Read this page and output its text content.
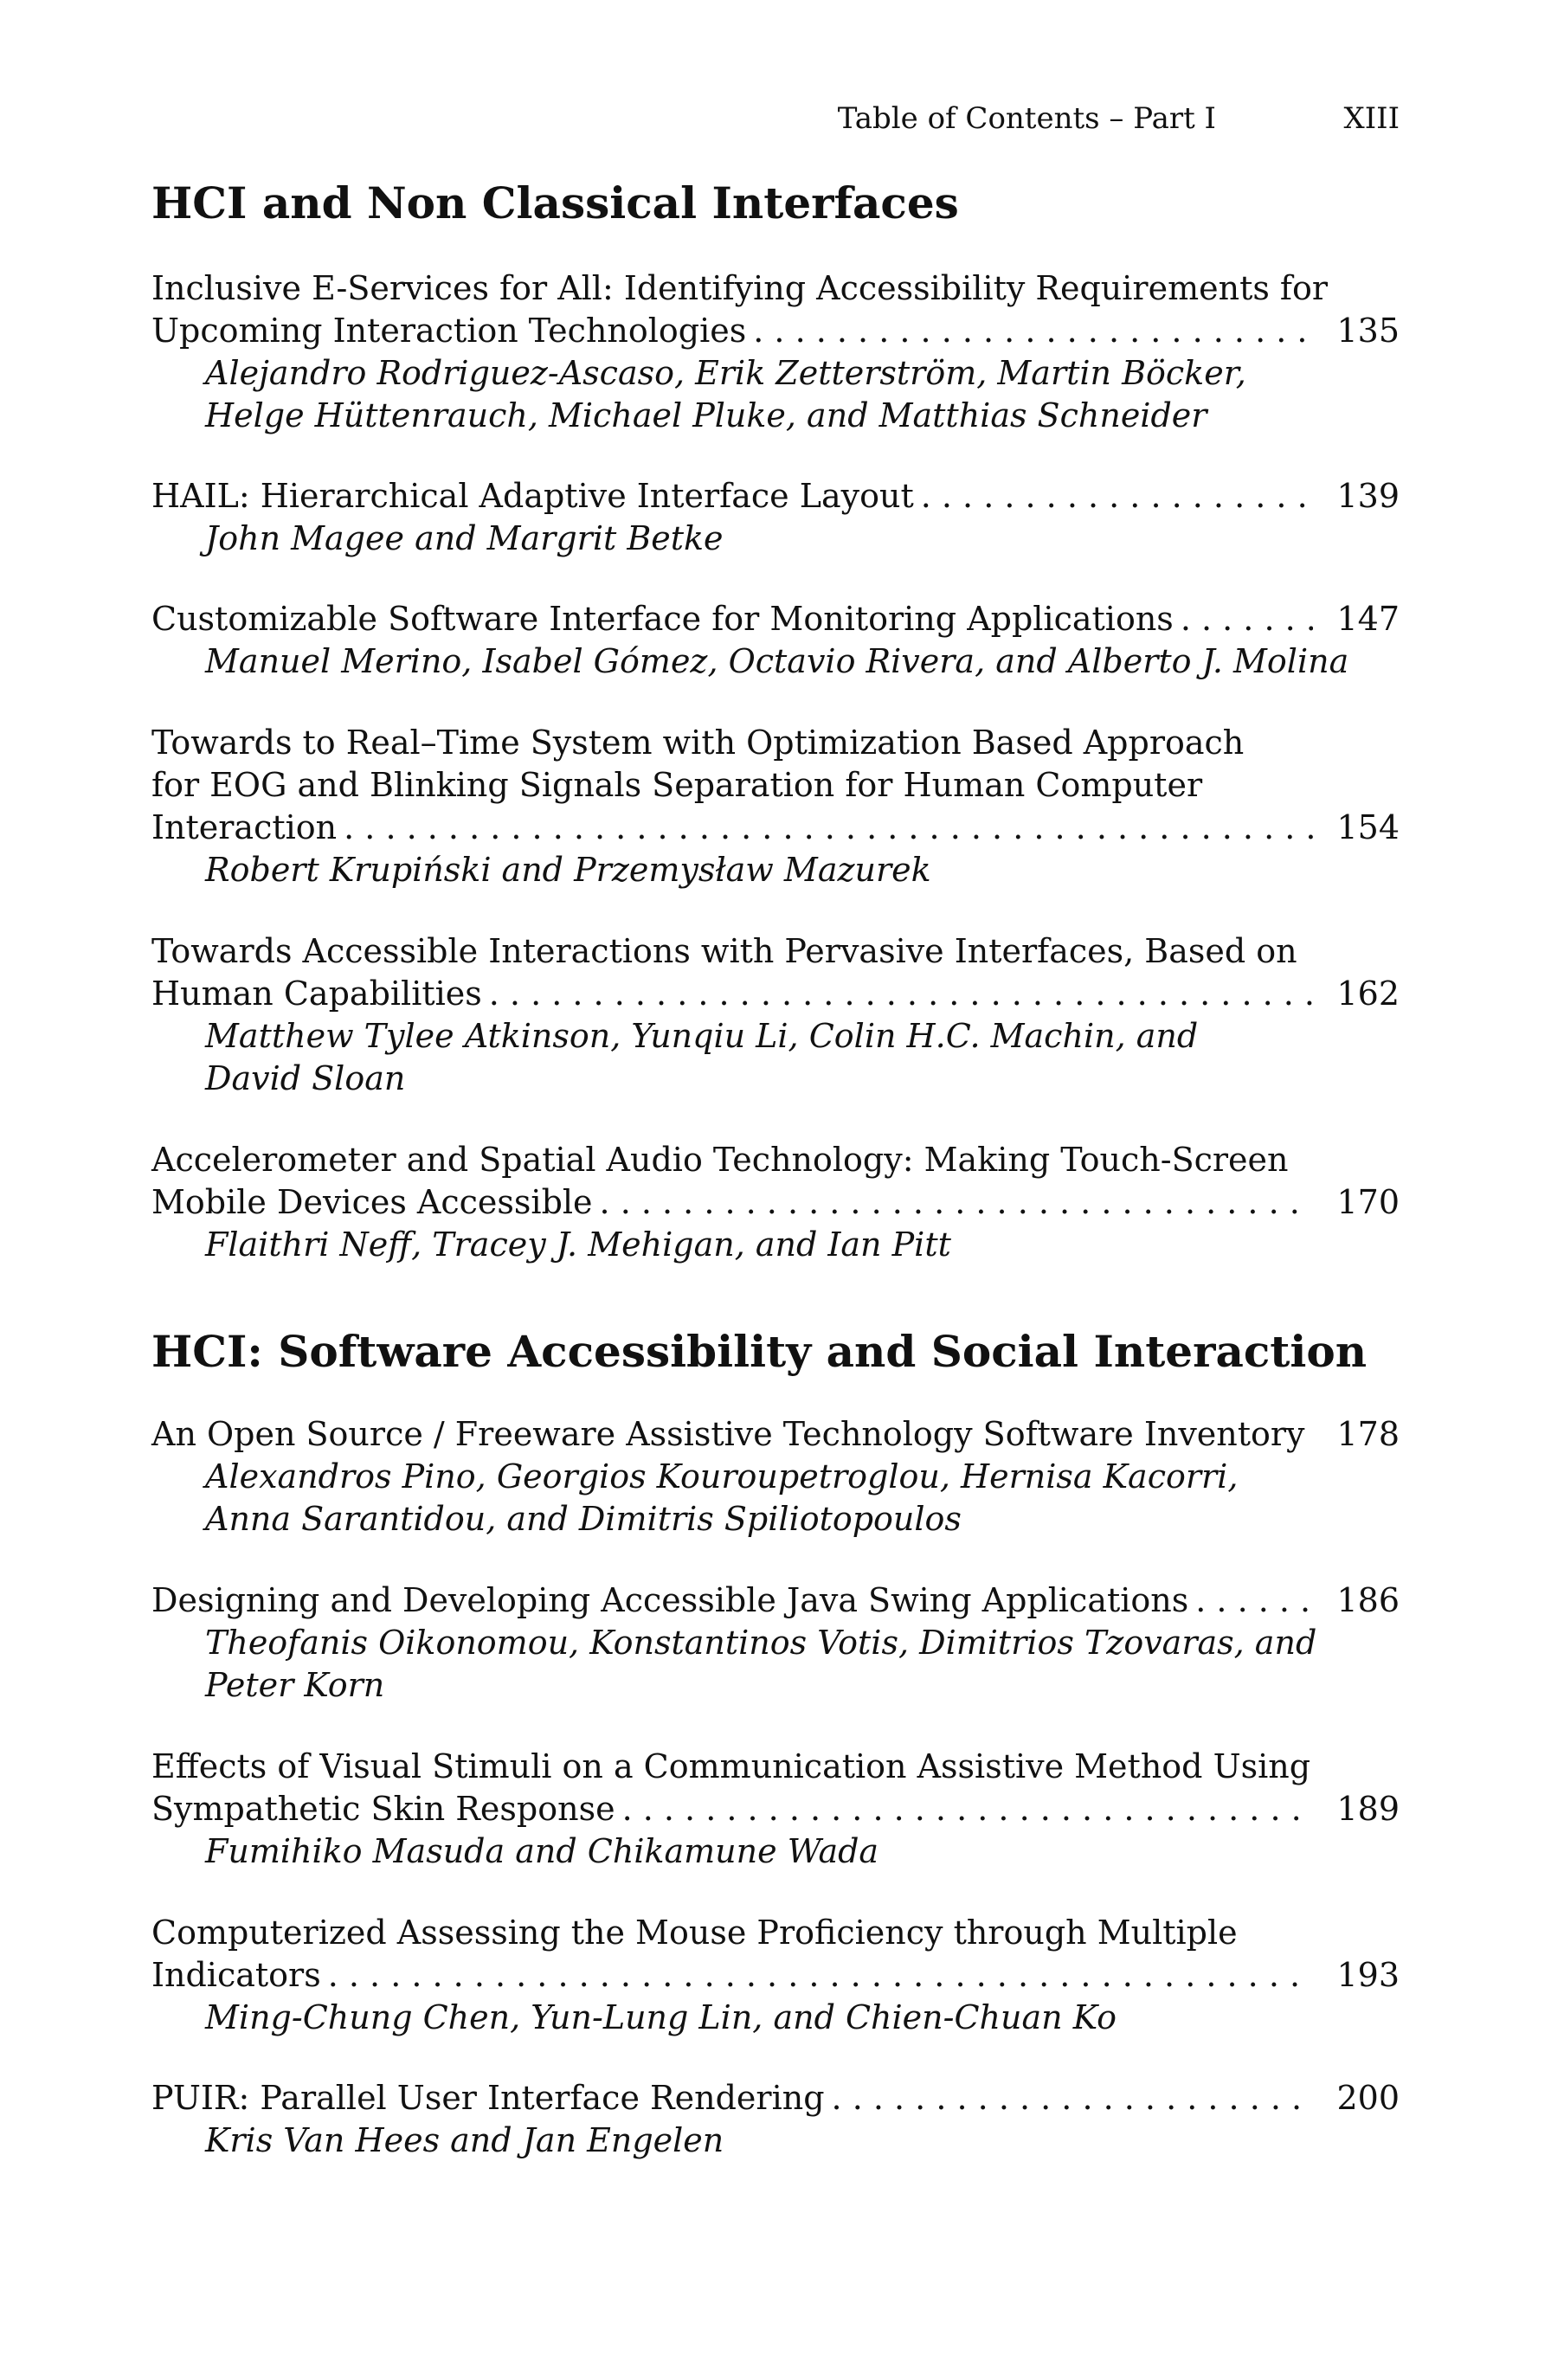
Table of Contents – Part I	XIII
HCI and Non Classical Interfaces
Inclusive E-Services for All: Identifying Accessibility Requirements for
Upcoming Interaction Technologies . . .	135
Alejandro Rodriguez-Ascaso, Erik Zetterström, Martin Böcker,
Helge Hüttenrauch, Michael Pluke, and Matthias Schneider
HAIL: Hierarchical Adaptive Interface Layout . . .	139
John Magee and Margrit Betke
Customizable Software Interface for Monitoring Applications . . .	147
Manuel Merino, Isabel Gómez, Octavio Rivera, and Alberto J. Molina
Towards to Real–Time System with Optimization Based Approach
for EOG and Blinking Signals Separation for Human Computer
Interaction . . .	154
Robert Krupiński and Przemysław Mazurek
Towards Accessible Interactions with Pervasive Interfaces, Based on
Human Capabilities . . .	162
Matthew Tylee Atkinson, Yunqiu Li, Colin H.C. Machin, and
David Sloan
Accelerometer and Spatial Audio Technology: Making Touch-Screen
Mobile Devices Accessible . . .	170
Flaithri Neff, Tracey J. Mehigan, and Ian Pitt
HCI: Software Accessibility and Social Interaction
An Open Source / Freeware Assistive Technology Software Inventory . . . 178
Alexandros Pino, Georgios Kouroupetroglou, Hernisa Kacorri,
Anna Sarantidou, and Dimitris Spiliotopoulos
Designing and Developing Accessible Java Swing Applications . . .	186
Theofanis Oikonomou, Konstantinos Votis, Dimitrios Tzovaras, and
Peter Korn
Effects of Visual Stimuli on a Communication Assistive Method Using
Sympathetic Skin Response . . .	189
Fumihiko Masuda and Chikamune Wada
Computerized Assessing the Mouse Proficiency through Multiple
Indicators . . .	193
Ming-Chung Chen, Yun-Lung Lin, and Chien-Chuan Ko
PUIR: Parallel User Interface Rendering . . .	200
Kris Van Hees and Jan Engelen
